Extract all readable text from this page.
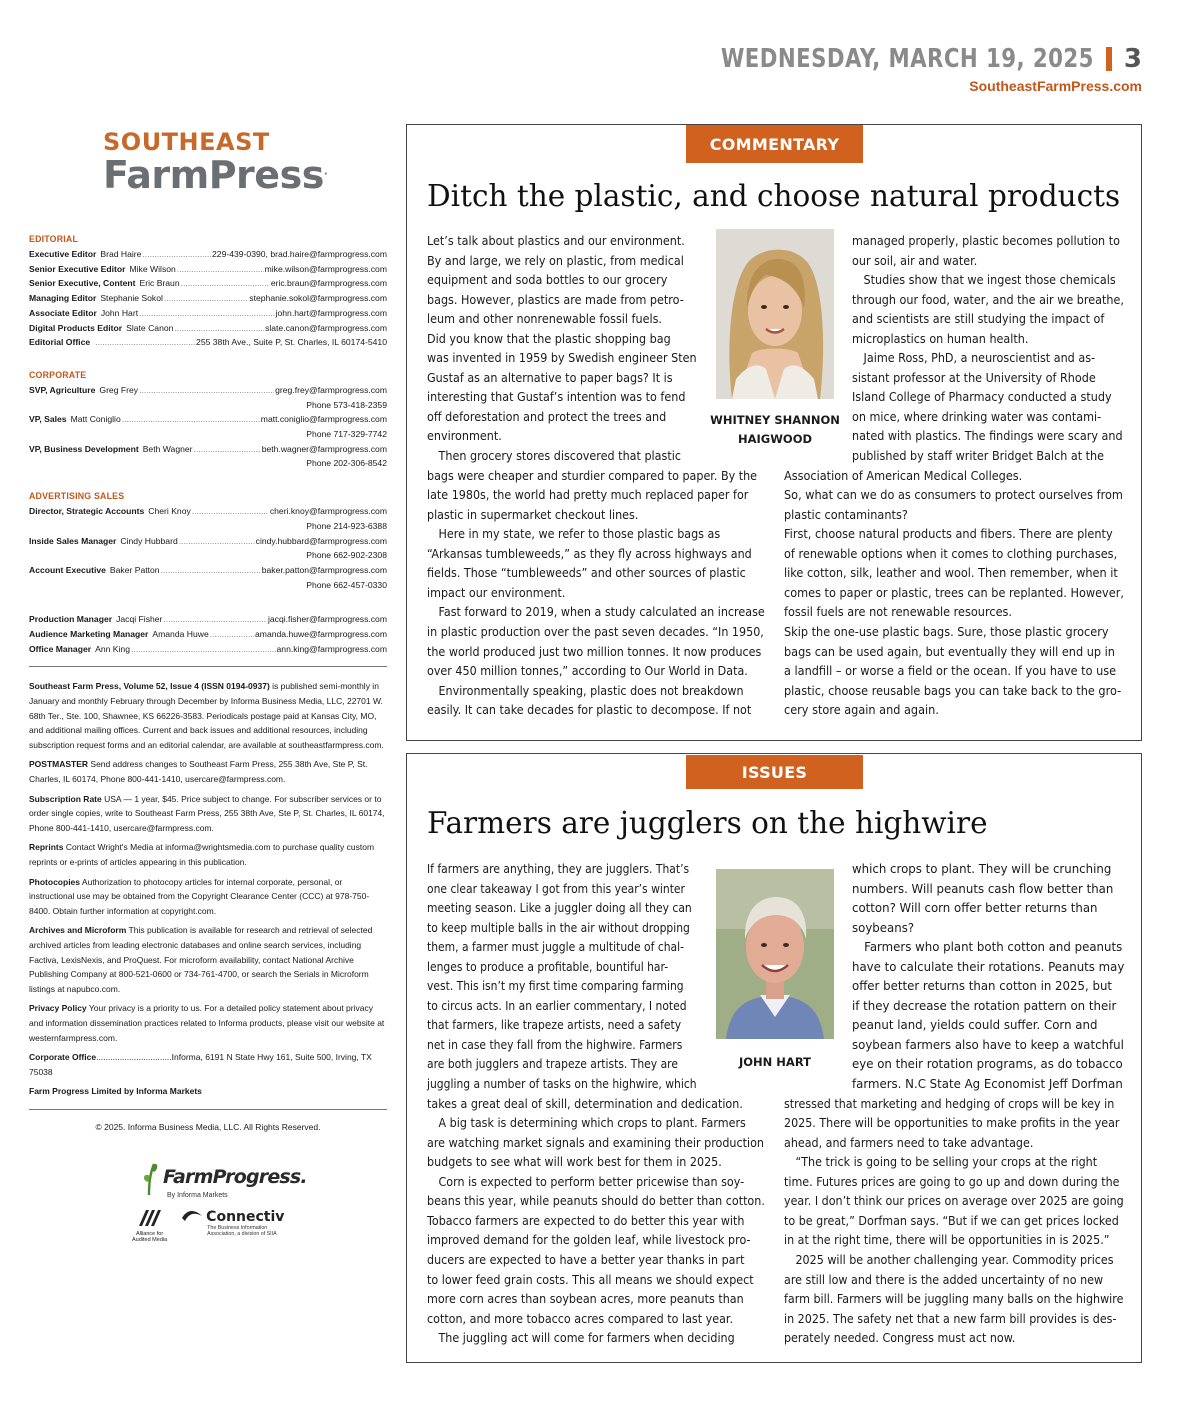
WEDNESDAY, MARCH 19, 2025 3
SoutheastFarmPress.com
SOUTHEAST
FarmPress.
EDITORIAL
Executive Editor Brad Haire .....	229-439-0390, brad.haire@farmprogress.com
Senior Executive Editor Mike Wilson .....	mike.wilson@farmprogress.com
Senior Executive, Content Eric Braun .....	eric.braun@farmprogress.com
Managing Editor Stephanie Sokol .....	stephanie.sokol@farmprogress.com
Associate Editor John Hart .....	john.hart@farmprogress.com
Digital Products Editor Slate Canon .....	slate.canon@farmprogress.com
Editorial Office .....	255 38th Ave., Suite P, St. Charles, IL 60174-5410
CORPORATE
SVP, Agriculture Greg Frey .....	greg.frey@farmprogress.com
Phone 573-418-2359
VP, Sales Matt Coniglio .....	matt.coniglio@farmprogress.com
Phone 717-329-7742
VP, Business Development Beth Wagner .....	beth.wagner@farmprogress.com
Phone 202-306-8542
ADVERTISING SALES
Director, Strategic Accounts Cheri Knoy .....	cheri.knoy@farmprogress.com
Phone 214-923-6388
Inside Sales Manager Cindy Hubbard .....	cindy.hubbard@farmprogress.com
Phone 662-902-2308
Account Executive Baker Patton .....	baker.patton@farmprogress.com
Phone 662-457-0330
Production Manager Jacqi Fisher .....	jacqi.fisher@farmprogress.com
Audience Marketing Manager Amanda Huwe .....	amanda.huwe@farmprogress.com
Office Manager Ann King .....	ann.king@farmprogress.com

Southeast Farm Press, Volume 52, Issue 4 (ISSN 0194-0937) is published semi-monthly in January and monthly February through December by Informa Business Media, LLC, 22701 W. 68th Ter., Ste. 100, Shawnee, KS 66226-3583. Periodicals postage paid at Kansas City, MO, and additional mailing offices. Current and back issues and additional resources, including subscription request forms and an editorial calendar, are available at southeastfarmpress.com.

POSTMASTER Send address changes to Southeast Farm Press, 255 38th Ave, Ste P, St. Charles, IL 60174, Phone 800-441-1410, usercare@farmpress.com.

Subscription Rate USA — 1 year, $45. Price subject to change. For subscriber services or to order single copies, write to Southeast Farm Press, 255 38th Ave, Ste P, St. Charles, IL 60174, Phone 800-441-1410, usercare@farmpress.com.

Reprints Contact Wright's Media at informa@wrightsmedia.com to purchase quality custom reprints or e-prints of articles appearing in this publication.

Photocopies Authorization to photocopy articles for internal corporate, personal, or instructional use may be obtained from the Copyright Clearance Center (CCC) at 978-750-8400. Obtain further information at copyright.com.

Archives and Microform This publication is available for research and retrieval of selected archived articles from leading electronic databases and online search services, including Factiva, LexisNexis, and ProQuest. For microform availability, contact National Archive Publishing Company at 800-521-0600 or 734-761-4700, or search the Serials in Microform listings at napubco.com.

Privacy Policy Your privacy is a priority to us. For a detailed policy statement about privacy and information dissemination practices related to Informa products, please visit our website at westernfarmpress.com.

Corporate Office................................Informa, 6191 N State Hwy 161, Suite 500, Irving, TX 75038

Farm Progress Limited by Informa Markets

© 2025. Informa Business Media, LLC. All Rights Reserved.
FarmProgress.
By Informa Markets
Alliance for
Audited Media
Connectiv
The Business Information
Association, a division of SIIA
COMMENTARY
Ditch the plastic, and choose natural products
Let’s talk about plastics and our environment.
By and large, we rely on plastic, from medical
equipment and soda bottles to our grocery
bags. However, plastics are made from petro-
leum and other nonrenewable fossil fuels.
Did you know that the plastic shopping bag
was invented in 1959 by Swedish engineer Sten
Gustaf as an alternative to paper bags? It is
interesting that Gustaf’s intention was to fend
off deforestation and protect the trees and
environment.
Then grocery stores discovered that plastic
bags were cheaper and sturdier compared to paper. By the
late 1980s, the world had pretty much replaced paper for
plastic in supermarket checkout lines.
Here in my state, we refer to those plastic bags as
“Arkansas tumbleweeds,” as they fly across highways and
fields. Those “tumbleweeds” and other sources of plastic
impact our environment.
Fast forward to 2019, when a study calculated an increase
in plastic production over the past seven decades. “In 1950,
the world produced just two million tonnes. It now produces
over 450 million tonnes,” according to Our World in Data.
Environmentally speaking, plastic does not breakdown
easily. It can take decades for plastic to decompose. If not
managed properly, plastic becomes pollution to
our soil, air and water.
Studies show that we ingest those chemicals
through our food, water, and the air we breathe,
and scientists are still studying the impact of
microplastics on human health.
Jaime Ross, PhD, a neuroscientist and as-
sistant professor at the University of Rhode
Island College of Pharmacy conducted a study
on mice, where drinking water was contami-
nated with plastics. The findings were scary and
published by staff writer Bridget Balch at the
Association of American Medical Colleges.
So, what can we do as consumers to protect ourselves from
plastic contaminants?
First, choose natural products and fibers. There are plenty
of renewable options when it comes to clothing purchases,
like cotton, silk, leather and wool. Then remember, when it
comes to paper or plastic, trees can be replanted. However,
fossil fuels are not renewable resources.
Skip the one-use plastic bags. Sure, those plastic grocery
bags can be used again, but eventually they will end up in
a landfill – or worse a field or the ocean. If you have to use
plastic, choose reusable bags you can take back to the gro-
cery store again and again.
WHITNEY SHANNON
HAIGWOOD
ISSUES
Farmers are jugglers on the highwire
If farmers are anything, they are jugglers. That’s
one clear takeaway I got from this year’s winter
meeting season. Like a juggler doing all they can
to keep multiple balls in the air without dropping
them, a farmer must juggle a multitude of chal-
lenges to produce a profitable, bountiful har-
vest. This isn’t my first time comparing farming
to circus acts. In an earlier commentary, I noted
that farmers, like trapeze artists, need a safety
net in case they fall from the highwire. Farmers
are both jugglers and trapeze artists. They are
juggling a number of tasks on the highwire, which
takes a great deal of skill, determination and dedication.
A big task is determining which crops to plant. Farmers
are watching market signals and examining their production
budgets to see what will work best for them in 2025.
Corn is expected to perform better pricewise than soy-
beans this year, while peanuts should do better than cotton.
Tobacco farmers are expected to do better this year with
improved demand for the golden leaf, while livestock pro-
ducers are expected to have a better year thanks in part
to lower feed grain costs. This all means we should expect
more corn acres than soybean acres, more peanuts than
cotton, and more tobacco acres compared to last year.
The juggling act will come for farmers when deciding
which crops to plant. They will be crunching
numbers. Will peanuts cash flow better than
cotton? Will corn offer better returns than
soybeans?
Farmers who plant both cotton and peanuts
have to calculate their rotations. Peanuts may
offer better returns than cotton in 2025, but
if they decrease the rotation pattern on their
peanut land, yields could suffer. Corn and
soybean farmers also have to keep a watchful
eye on their rotation programs, as do tobacco
farmers. N.C State Ag Economist Jeff Dorfman
stressed that marketing and hedging of crops will be key in
2025. There will be opportunities to make profits in the year
ahead, and farmers need to take advantage.
“The trick is going to be selling your crops at the right
time. Futures prices are going to go up and down during the
year. I don’t think our prices on average over 2025 are going
to be great,” Dorfman says. “But if we can get prices locked
in at the right time, there will be opportunities in is 2025.”
2025 will be another challenging year. Commodity prices
are still low and there is the added uncertainty of no new
farm bill. Farmers will be juggling many balls on the highwire
in 2025. The safety net that a new farm bill provides is des-
perately needed. Congress must act now.
JOHN HART
